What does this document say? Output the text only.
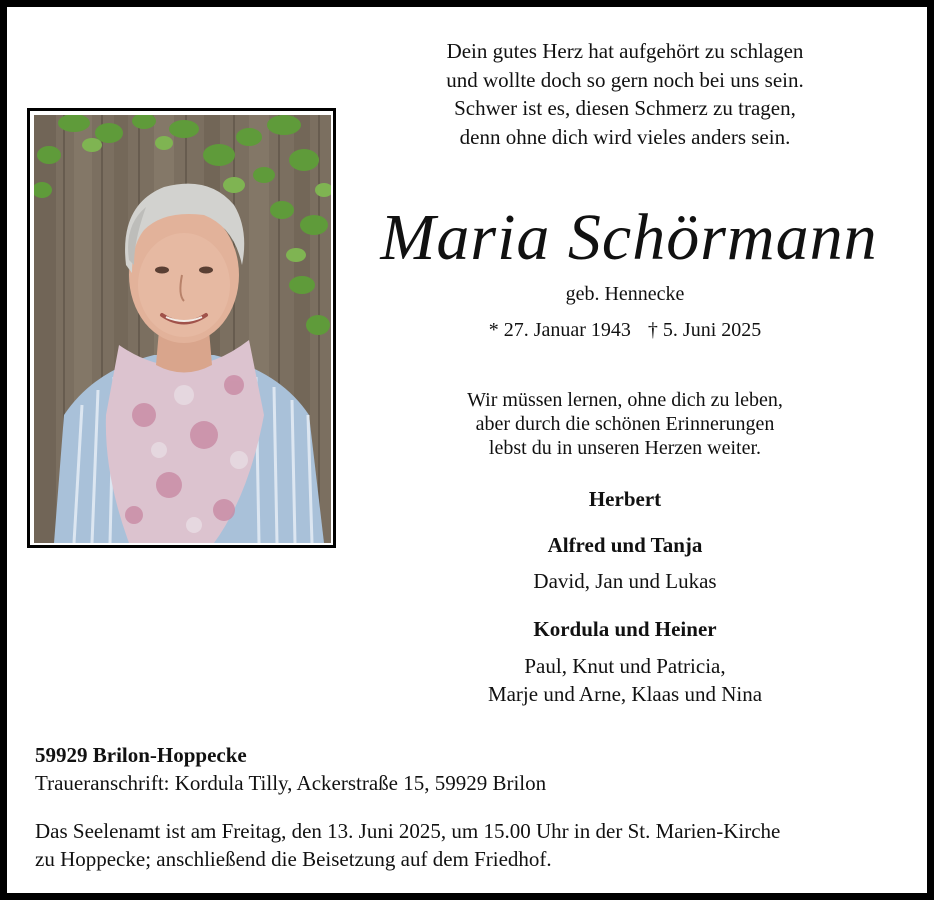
Dein gutes Herz hat aufgehört zu schlagen
und wollte doch so gern noch bei uns sein.
Schwer ist es, diesen Schmerz zu tragen,
denn ohne dich wird vieles anders sein.
Maria Schörmann
geb. Hennecke
* 27. Januar 1943 † 5. Juni 2025
Wir müssen lernen, ohne dich zu leben,
aber durch die schönen Erinnerungen
lebst du in unseren Herzen weiter.
Herbert
Alfred und Tanja
David, Jan und Lukas
Kordula und Heiner
Paul, Knut und Patricia,
Marje und Arne, Klaas und Nina
59929 Brilon-Hoppecke
Traueranschrift: Kordula Tilly, Ackerstraße 15, 59929 Brilon
Das Seelenamt ist am Freitag, den 13. Juni 2025, um 15.00 Uhr in der St. Marien-Kirche
zu Hoppecke; anschließend die Beisetzung auf dem Friedhof.
